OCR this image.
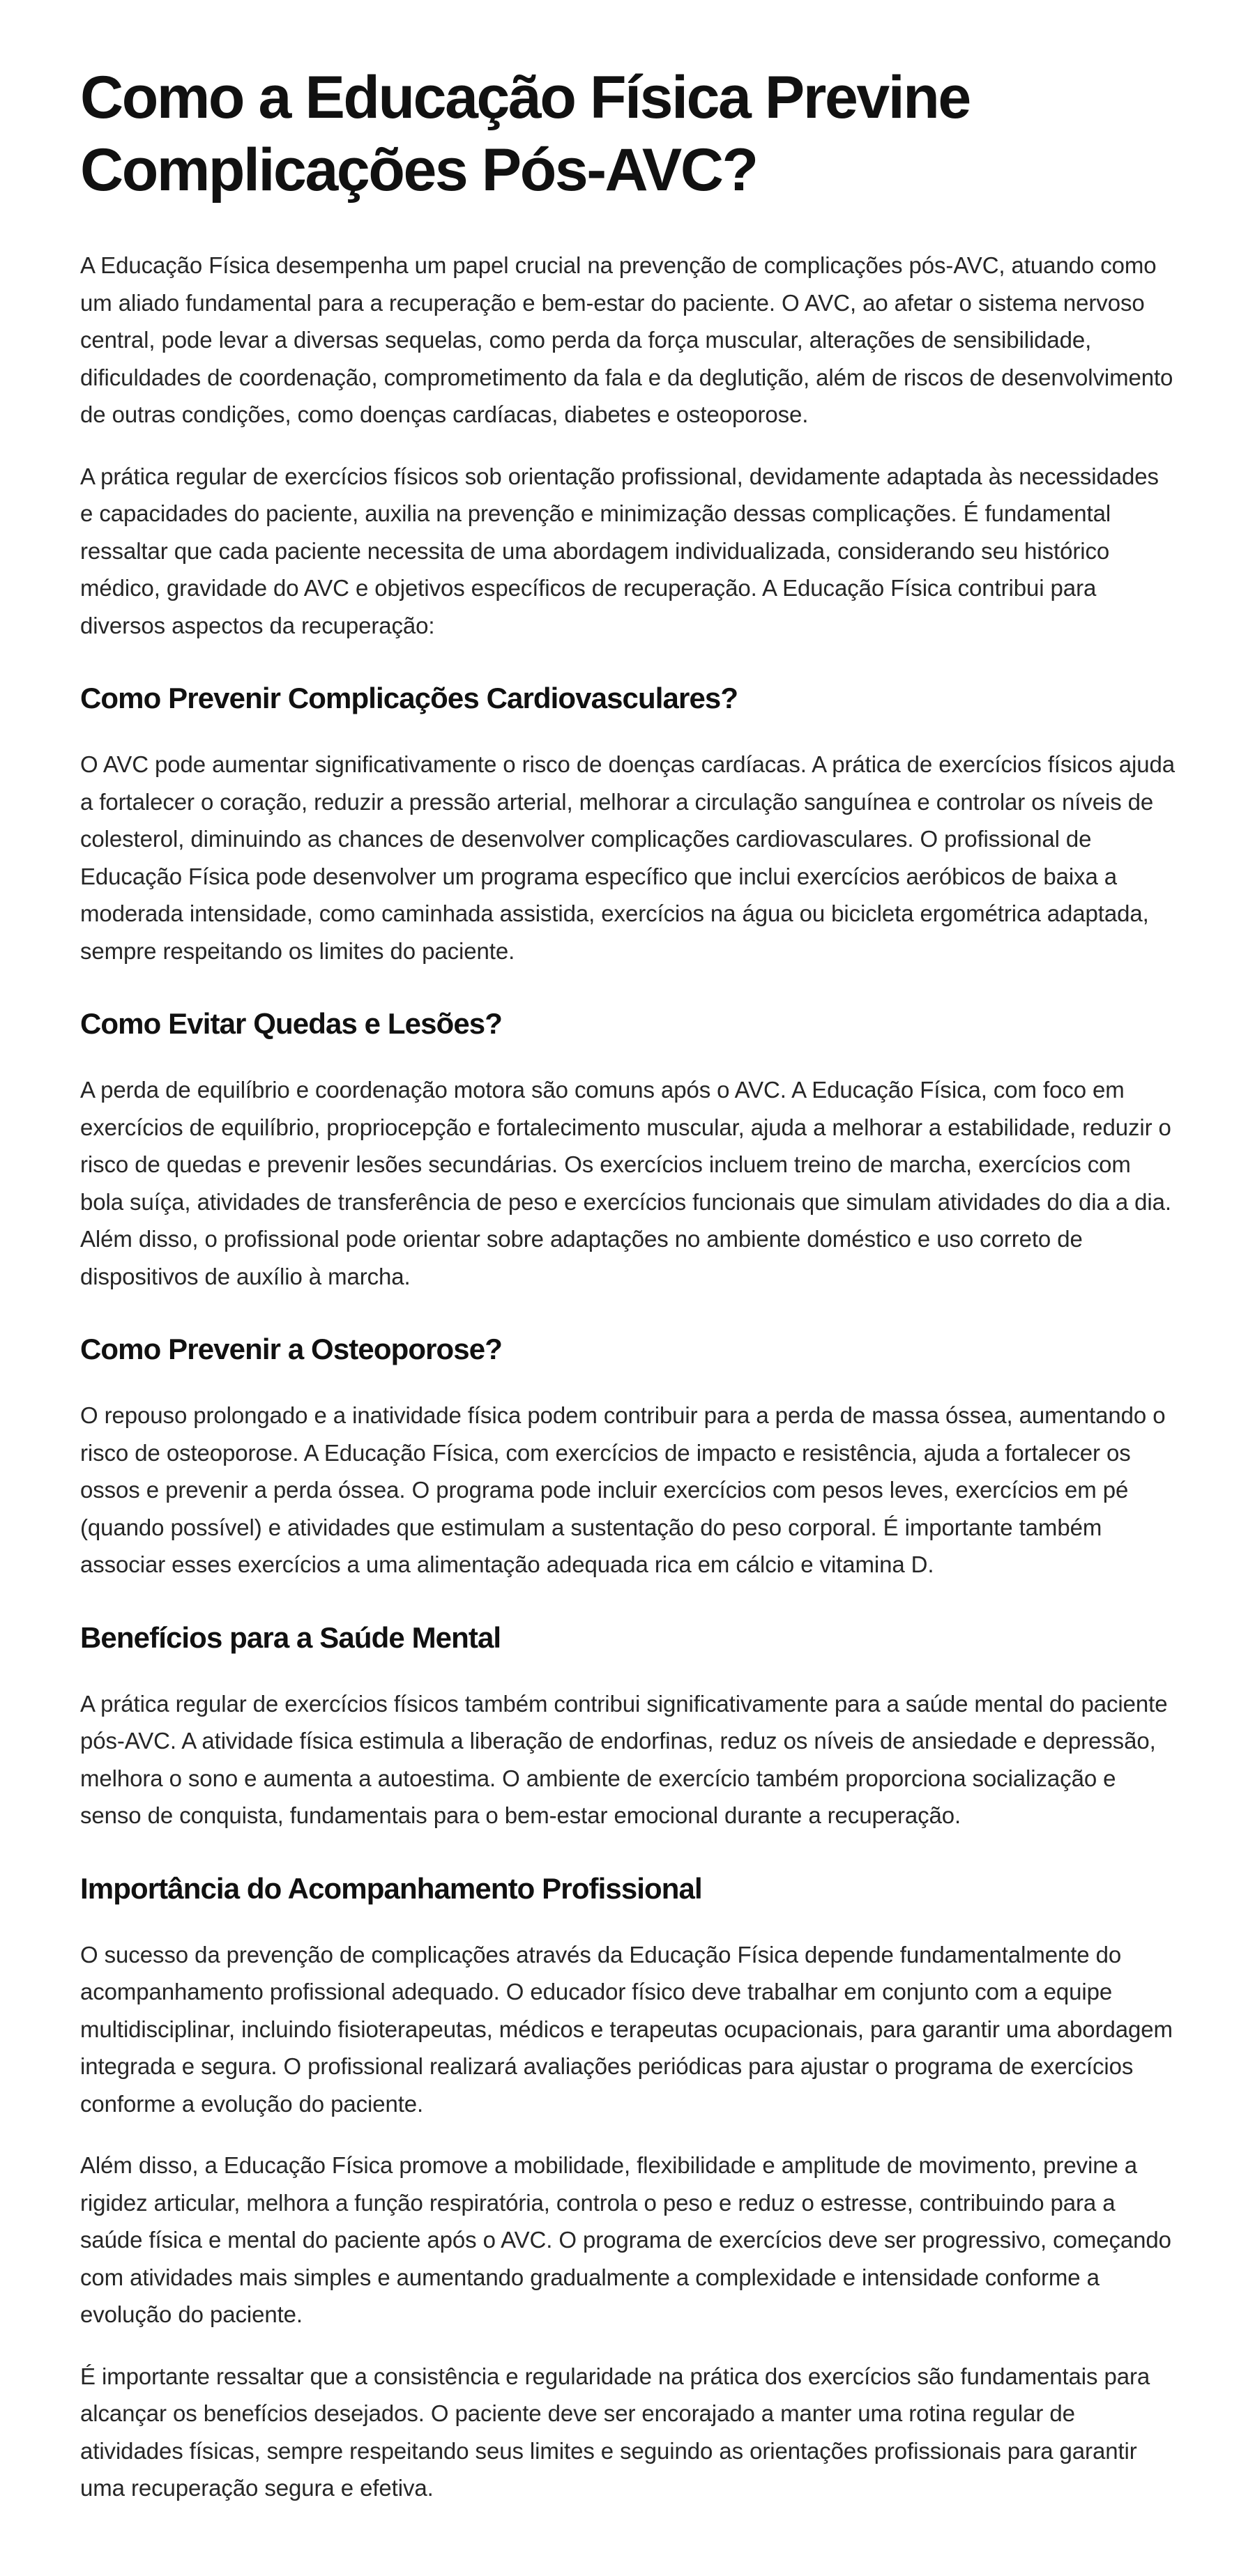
Como a Educação Física Previne Complicações Pós-AVC?

A Educação Física desempenha um papel crucial na prevenção de complicações pós-AVC, atuando como um aliado fundamental para a recuperação e bem-estar do paciente. O AVC, ao afetar o sistema nervoso central, pode levar a diversas sequelas, como perda da força muscular, alterações de sensibilidade, dificuldades de coordenação, comprometimento da fala e da deglutição, além de riscos de desenvolvimento de outras condições, como doenças cardíacas, diabetes e osteoporose.

A prática regular de exercícios físicos sob orientação profissional, devidamente adaptada às necessidades e capacidades do paciente, auxilia na prevenção e minimização dessas complicações. É fundamental ressaltar que cada paciente necessita de uma abordagem individualizada, considerando seu histórico médico, gravidade do AVC e objetivos específicos de recuperação. A Educação Física contribui para diversos aspectos da recuperação:

Como Prevenir Complicações Cardiovasculares?

O AVC pode aumentar significativamente o risco de doenças cardíacas. A prática de exercícios físicos ajuda a fortalecer o coração, reduzir a pressão arterial, melhorar a circulação sanguínea e controlar os níveis de colesterol, diminuindo as chances de desenvolver complicações cardiovasculares. O profissional de Educação Física pode desenvolver um programa específico que inclui exercícios aeróbicos de baixa a moderada intensidade, como caminhada assistida, exercícios na água ou bicicleta ergométrica adaptada, sempre respeitando os limites do paciente.

Como Evitar Quedas e Lesões?

A perda de equilíbrio e coordenação motora são comuns após o AVC. A Educação Física, com foco em exercícios de equilíbrio, propriocepção e fortalecimento muscular, ajuda a melhorar a estabilidade, reduzir o risco de quedas e prevenir lesões secundárias. Os exercícios incluem treino de marcha, exercícios com bola suíça, atividades de transferência de peso e exercícios funcionais que simulam atividades do dia a dia. Além disso, o profissional pode orientar sobre adaptações no ambiente doméstico e uso correto de dispositivos de auxílio à marcha.

Como Prevenir a Osteoporose?

O repouso prolongado e a inatividade física podem contribuir para a perda de massa óssea, aumentando o risco de osteoporose. A Educação Física, com exercícios de impacto e resistência, ajuda a fortalecer os ossos e prevenir a perda óssea. O programa pode incluir exercícios com pesos leves, exercícios em pé (quando possível) e atividades que estimulam a sustentação do peso corporal. É importante também associar esses exercícios a uma alimentação adequada rica em cálcio e vitamina D.

Benefícios para a Saúde Mental

A prática regular de exercícios físicos também contribui significativamente para a saúde mental do paciente pós-AVC. A atividade física estimula a liberação de endorfinas, reduz os níveis de ansiedade e depressão, melhora o sono e aumenta a autoestima. O ambiente de exercício também proporciona socialização e senso de conquista, fundamentais para o bem-estar emocional durante a recuperação.

Importância do Acompanhamento Profissional

O sucesso da prevenção de complicações através da Educação Física depende fundamentalmente do acompanhamento profissional adequado. O educador físico deve trabalhar em conjunto com a equipe multidisciplinar, incluindo fisioterapeutas, médicos e terapeutas ocupacionais, para garantir uma abordagem integrada e segura. O profissional realizará avaliações periódicas para ajustar o programa de exercícios conforme a evolução do paciente.

Além disso, a Educação Física promove a mobilidade, flexibilidade e amplitude de movimento, previne a rigidez articular, melhora a função respiratória, controla o peso e reduz o estresse, contribuindo para a saúde física e mental do paciente após o AVC. O programa de exercícios deve ser progressivo, começando com atividades mais simples e aumentando gradualmente a complexidade e intensidade conforme a evolução do paciente.

É importante ressaltar que a consistência e regularidade na prática dos exercícios são fundamentais para alcançar os benefícios desejados. O paciente deve ser encorajado a manter uma rotina regular de atividades físicas, sempre respeitando seus limites e seguindo as orientações profissionais para garantir uma recuperação segura e efetiva.
